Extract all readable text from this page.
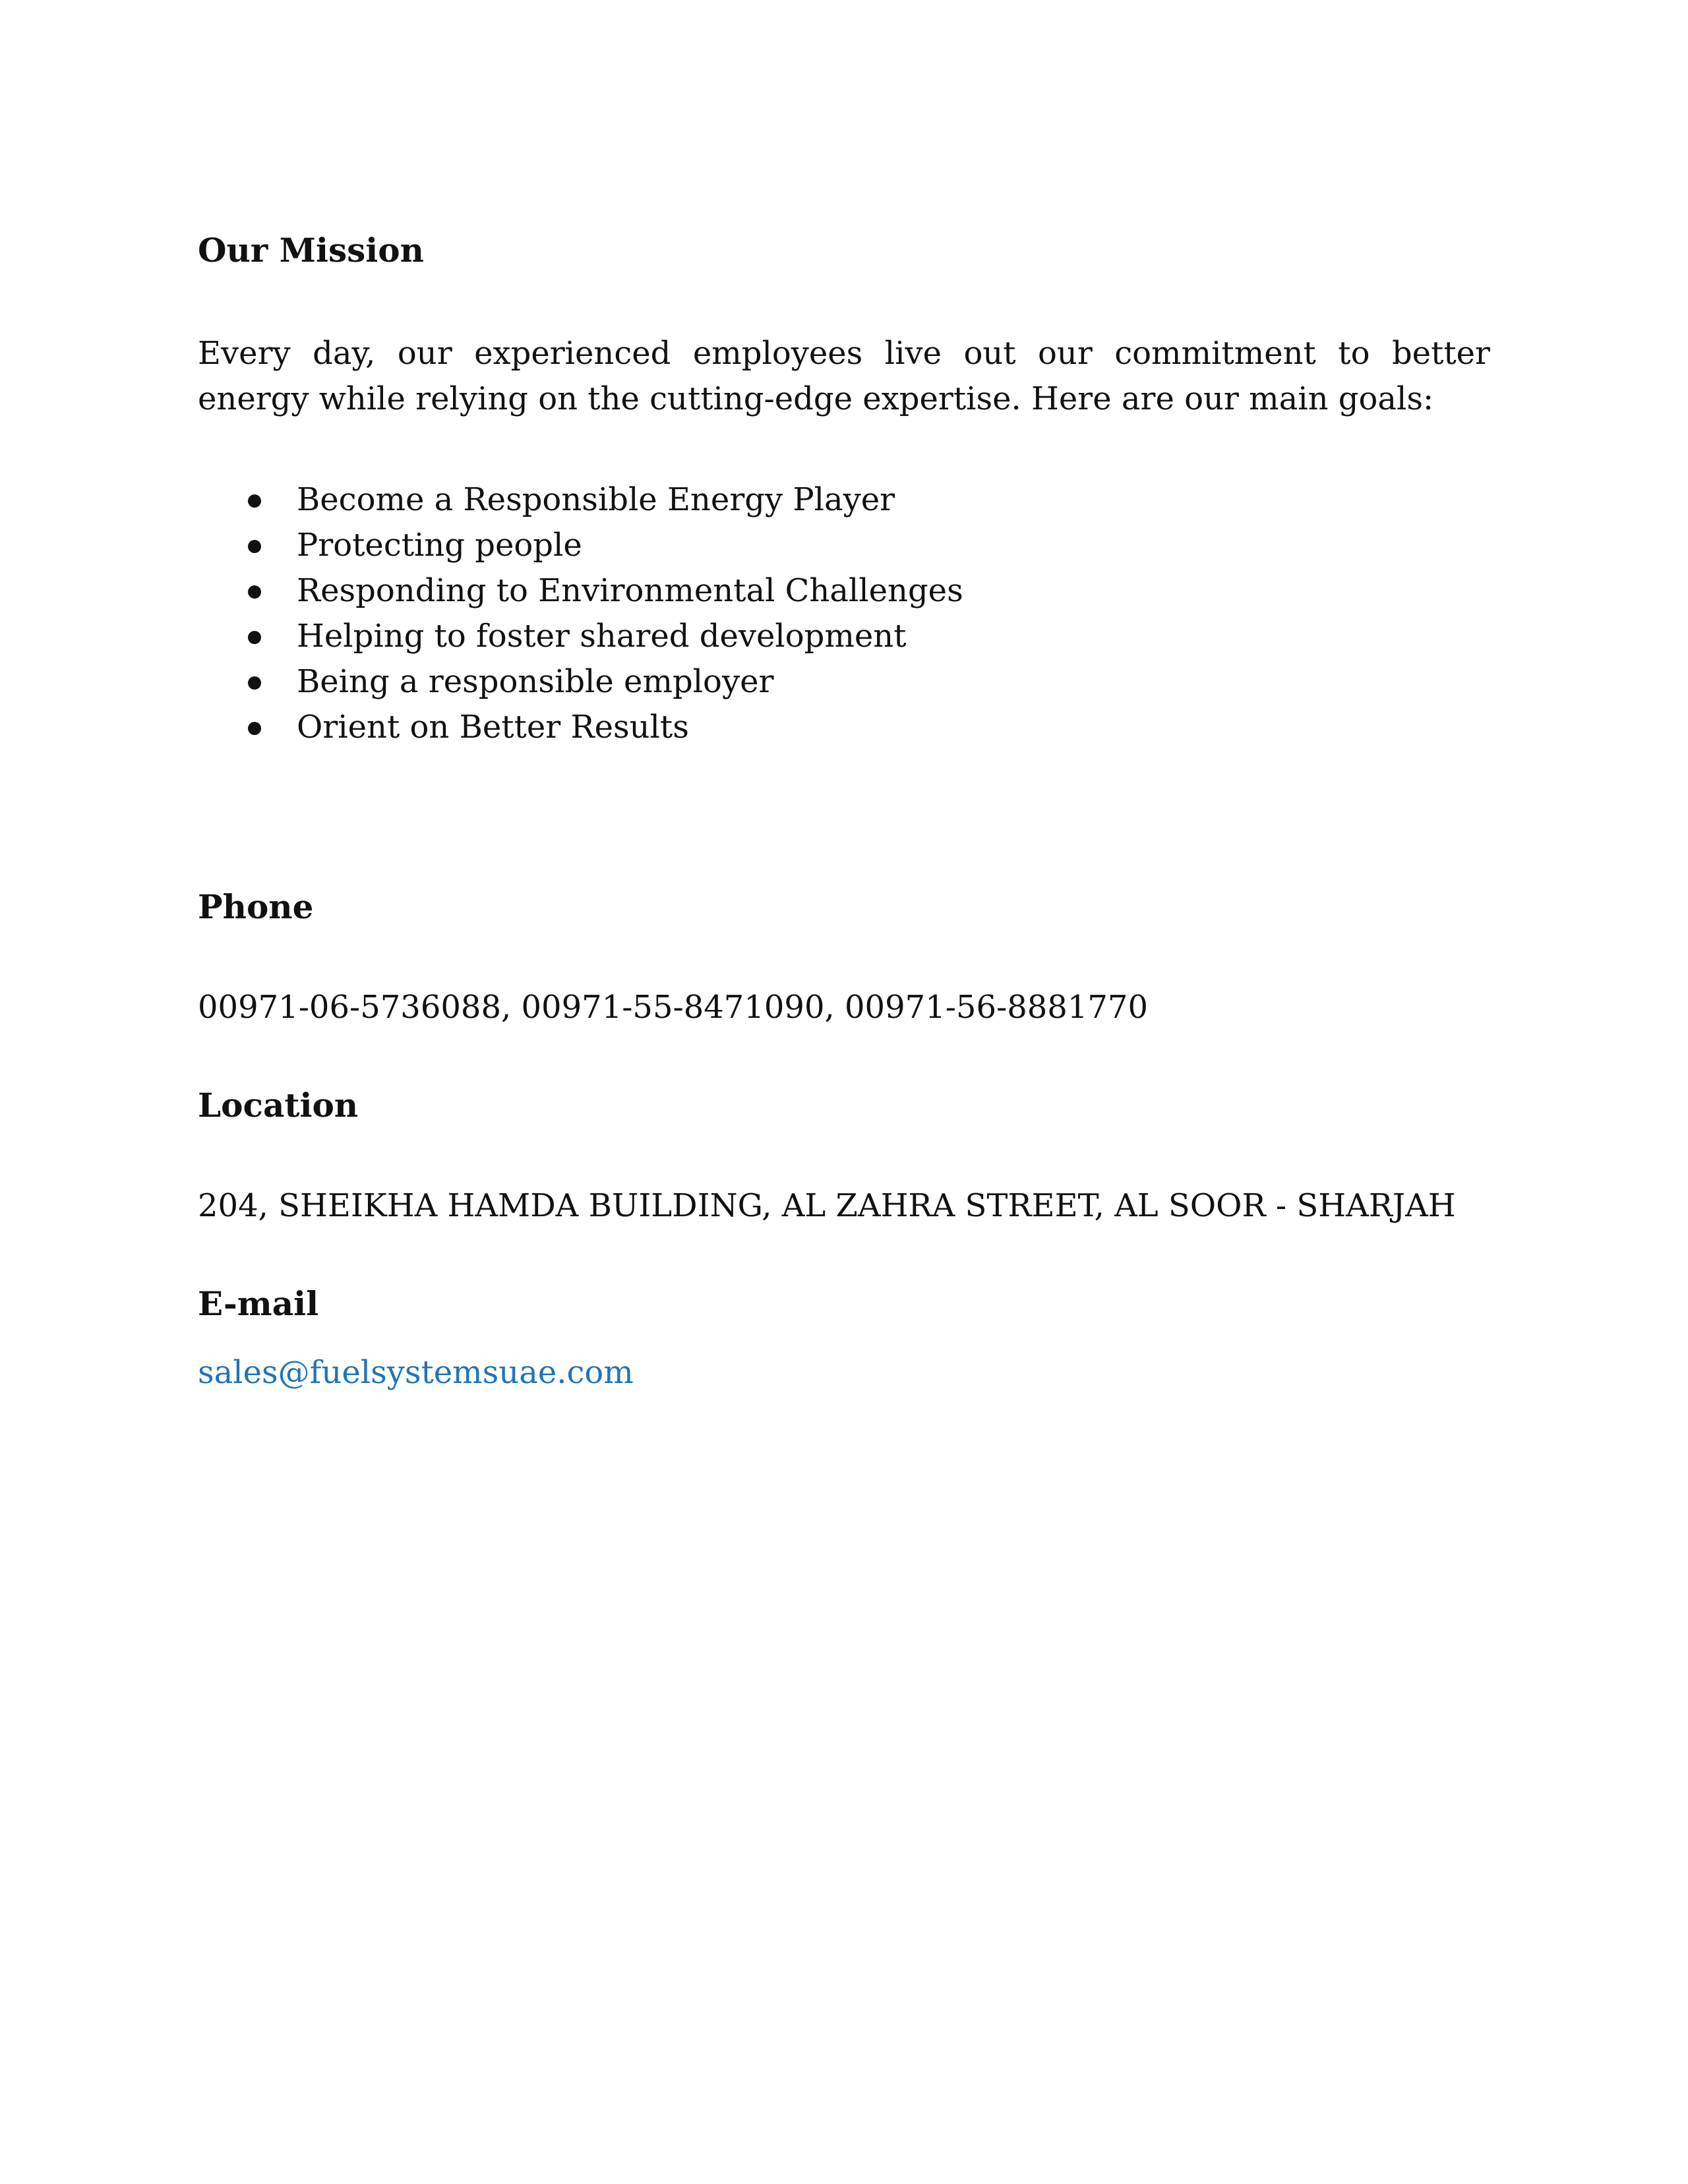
Our Mission

Every day, our experienced employees live out our commitment to better energy while relying on the cutting-edge expertise. Here are our main goals:

Become a Responsible Energy Player
Protecting people
Responding to Environmental Challenges
Helping to foster shared development
Being a responsible employer
Orient on Better Results
Phone

00971-06-5736088, 00971-55-8471090, 00971-56-8881770

Location

204, SHEIKHA HAMDA BUILDING, AL ZAHRA STREET, AL SOOR - SHARJAH

E-mail
sales@fuelsystemsuae.com
